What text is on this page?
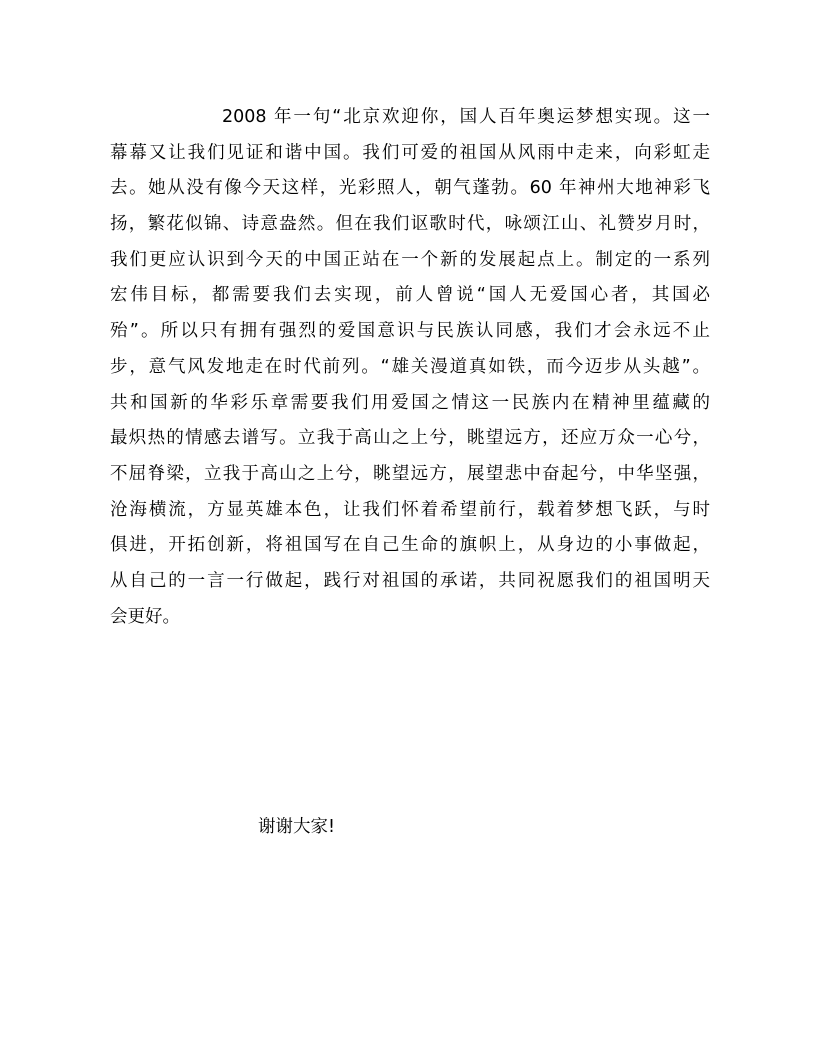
2008 年一句“北京欢迎你，国人百年奥运梦想实现。这一
幕幕又让我们见证和谐中国。我们可爱的祖国从风雨中走来，向彩虹走
去。她从没有像今天这样，光彩照人，朝气蓬勃。60 年神州大地神彩飞
扬，繁花似锦、诗意盎然。但在我们讴歌时代，咏颂江山、礼赞岁月时，
我们更应认识到今天的中国正站在一个新的发展起点上。制定的一系列
宏伟目标，都需要我们去实现，前人曾说“国人无爱国心者，其国必
殆”。所以只有拥有强烈的爱国意识与民族认同感，我们才会永远不止
步，意气风发地走在时代前列。“雄关漫道真如铁，而今迈步从头越”。
共和国新的华彩乐章需要我们用爱国之情这一民族内在精神里蕴藏的
最炽热的情感去谱写。立我于高山之上兮，眺望远方，还应万众一心兮，
不屈脊梁，立我于高山之上兮，眺望远方，展望悲中奋起兮，中华坚强，
沧海横流，方显英雄本色，让我们怀着希望前行，载着梦想飞跃，与时
俱进，开拓创新，将祖国写在自己生命的旗帜上，从身边的小事做起，
从自己的一言一行做起，践行对祖国的承诺，共同祝愿我们的祖国明天
会更好。
谢谢大家!
